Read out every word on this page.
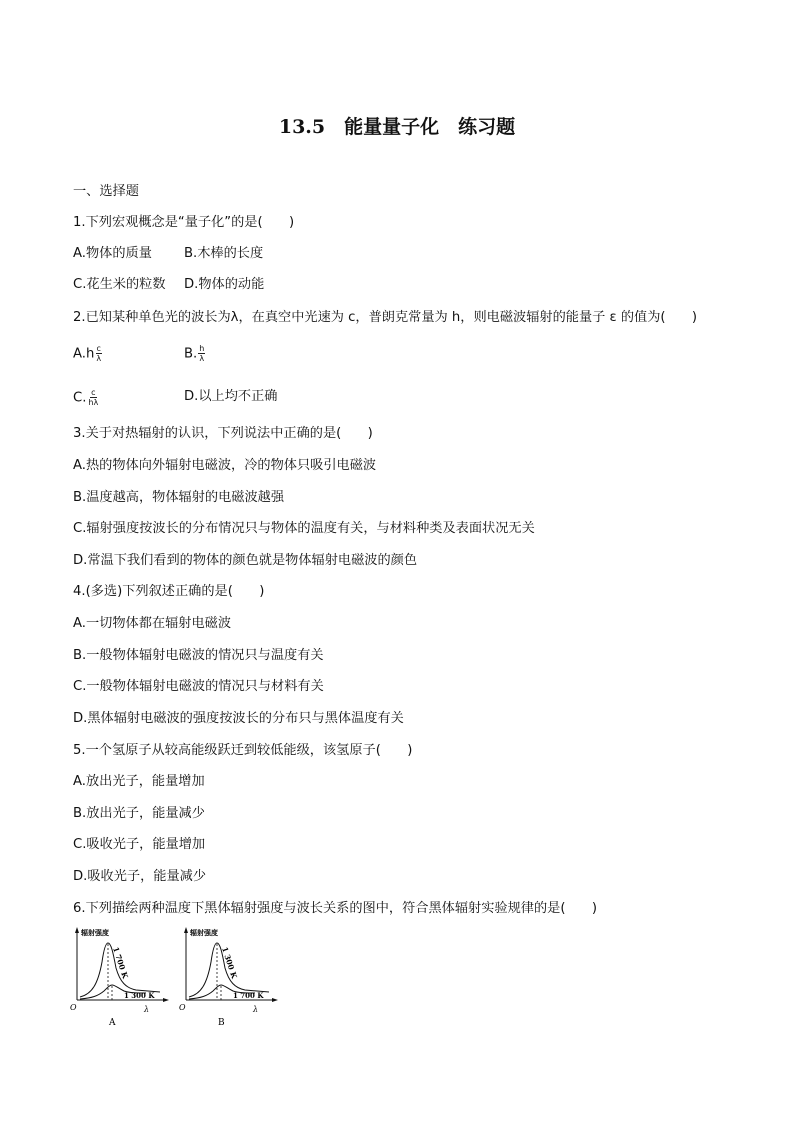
13.5　能量量子化　练习题
一、选择题
1.下列宏观概念是“量子化”的是(　　)
A.物体的质量 B.木棒的长度
C.花生米的粒数 D.物体的动能
2.已知某种单色光的波长为λ，在真空中光速为 c，普朗克常量为 h，则电磁波辐射的能量子 ε 的值为(　　)
$A.h \frac{c}{\lambda}$	B. $\frac{h}{\lambda}$
C. $\frac{c}{h\lambda}$	D.以上均不正确
3.关于对热辐射的认识，下列说法中正确的是(　　)
A.热的物体向外辐射电磁波，冷的物体只吸引电磁波
B.温度越高，物体辐射的电磁波越强
C.辐射强度按波长的分布情况只与物体的温度有关，与材料种类及表面状况无关
D.常温下我们看到的物体的颜色就是物体辐射电磁波的颜色
4.(多选)下列叙述正确的是(　　)
A.一切物体都在辐射电磁波
B.一般物体辐射电磁波的情况只与温度有关
C.一般物体辐射电磁波的情况只与材料有关
D.黑体辐射电磁波的强度按波长的分布只与黑体温度有关
5.一个氢原子从较高能级跃迁到较低能级，该氢原子(　　)
A.放出光子，能量增加
B.放出光子，能量减少
C.吸收光子，能量增加
D.吸收光子，能量减少
6.下列描绘两种温度下黑体辐射强度与波长关系的图中，符合黑体辐射实验规律的是(　　)
辐射强度
O	λ
1 700 K
1 300 K
A
辐射强度
O	λ
1 300 K
1 700 K
B
